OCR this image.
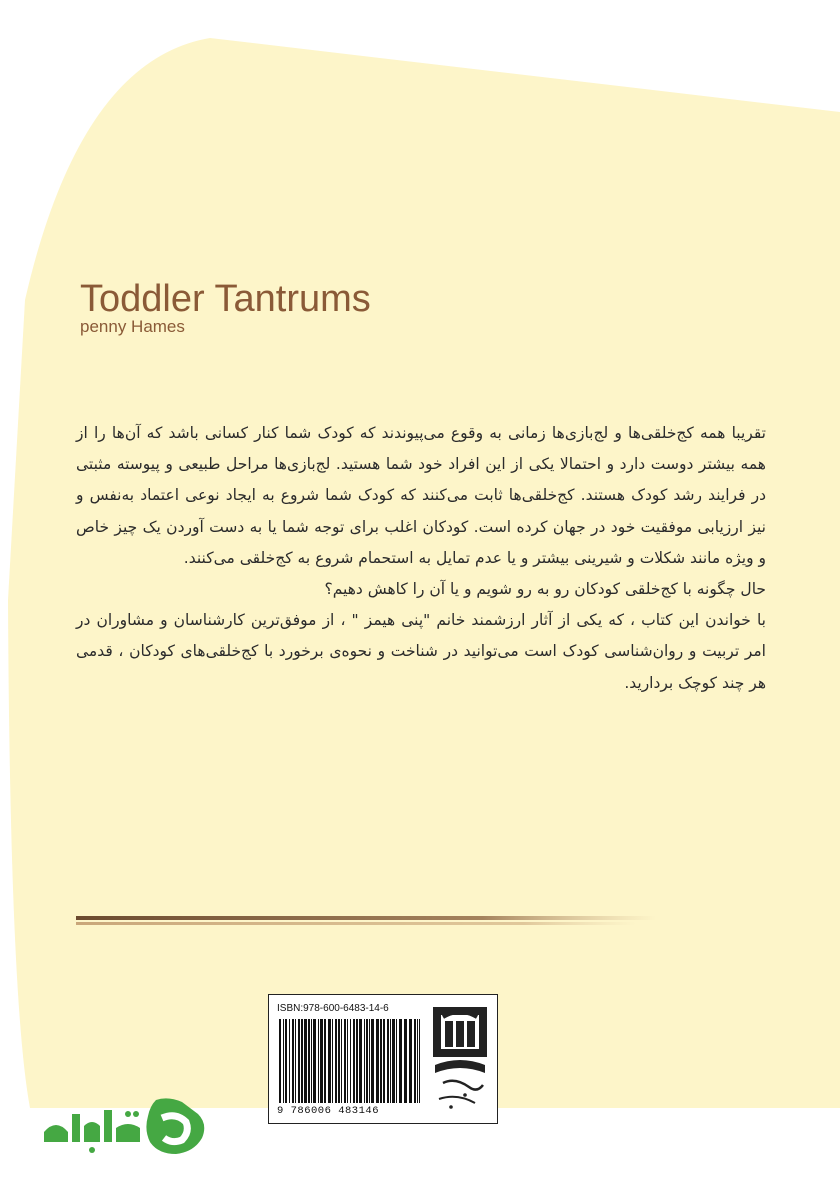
Toddler Tantrums
penny Hames

تقریبا همه کج‌خلقی‌ها و لج‌بازی‌ها زمانی به وقوع می‌پیوندند که کودک شما کنار کسانی باشد که آن‌ها را از همه بیشتر دوست دارد و احتمالا یکی از این افراد خود شما هستید. لج‌بازی‌ها مراحل طبیعی و پیوسته مثبتی در فرایند رشد کودک هستند. کج‌خلقی‌ها ثابت می‌کنند که کودک شما شروع به ایجاد نوعی اعتماد به‌نفس و نیز ارزیابی موفقیت خود در جهان کرده است. کودکان اغلب برای توجه شما یا به دست آوردن یک چیز خاص و ویژه مانند شکلات و شیرینی بیشتر و یا عدم تمایل به استحمام شروع به کج‌خلقی می‌کنند.

حال چگونه با کج‌خلقی کودکان رو به رو شویم و یا آن را کاهش دهیم؟

با خواندن این کتاب ، که یکی از آثار ارزشمند خانم "پنی هیمز " ، از موفق‌ترین کارشناسان و مشاوران در امر تربیت و روان‌شناسی کودک است می‌توانید در شناخت و نحوه‌ی برخورد با کج‌خلقی‌های کودکان ، قدمی هر چند کوچک بردارید.

ISBN:978-600-6483-14-6
9 786006 483146
